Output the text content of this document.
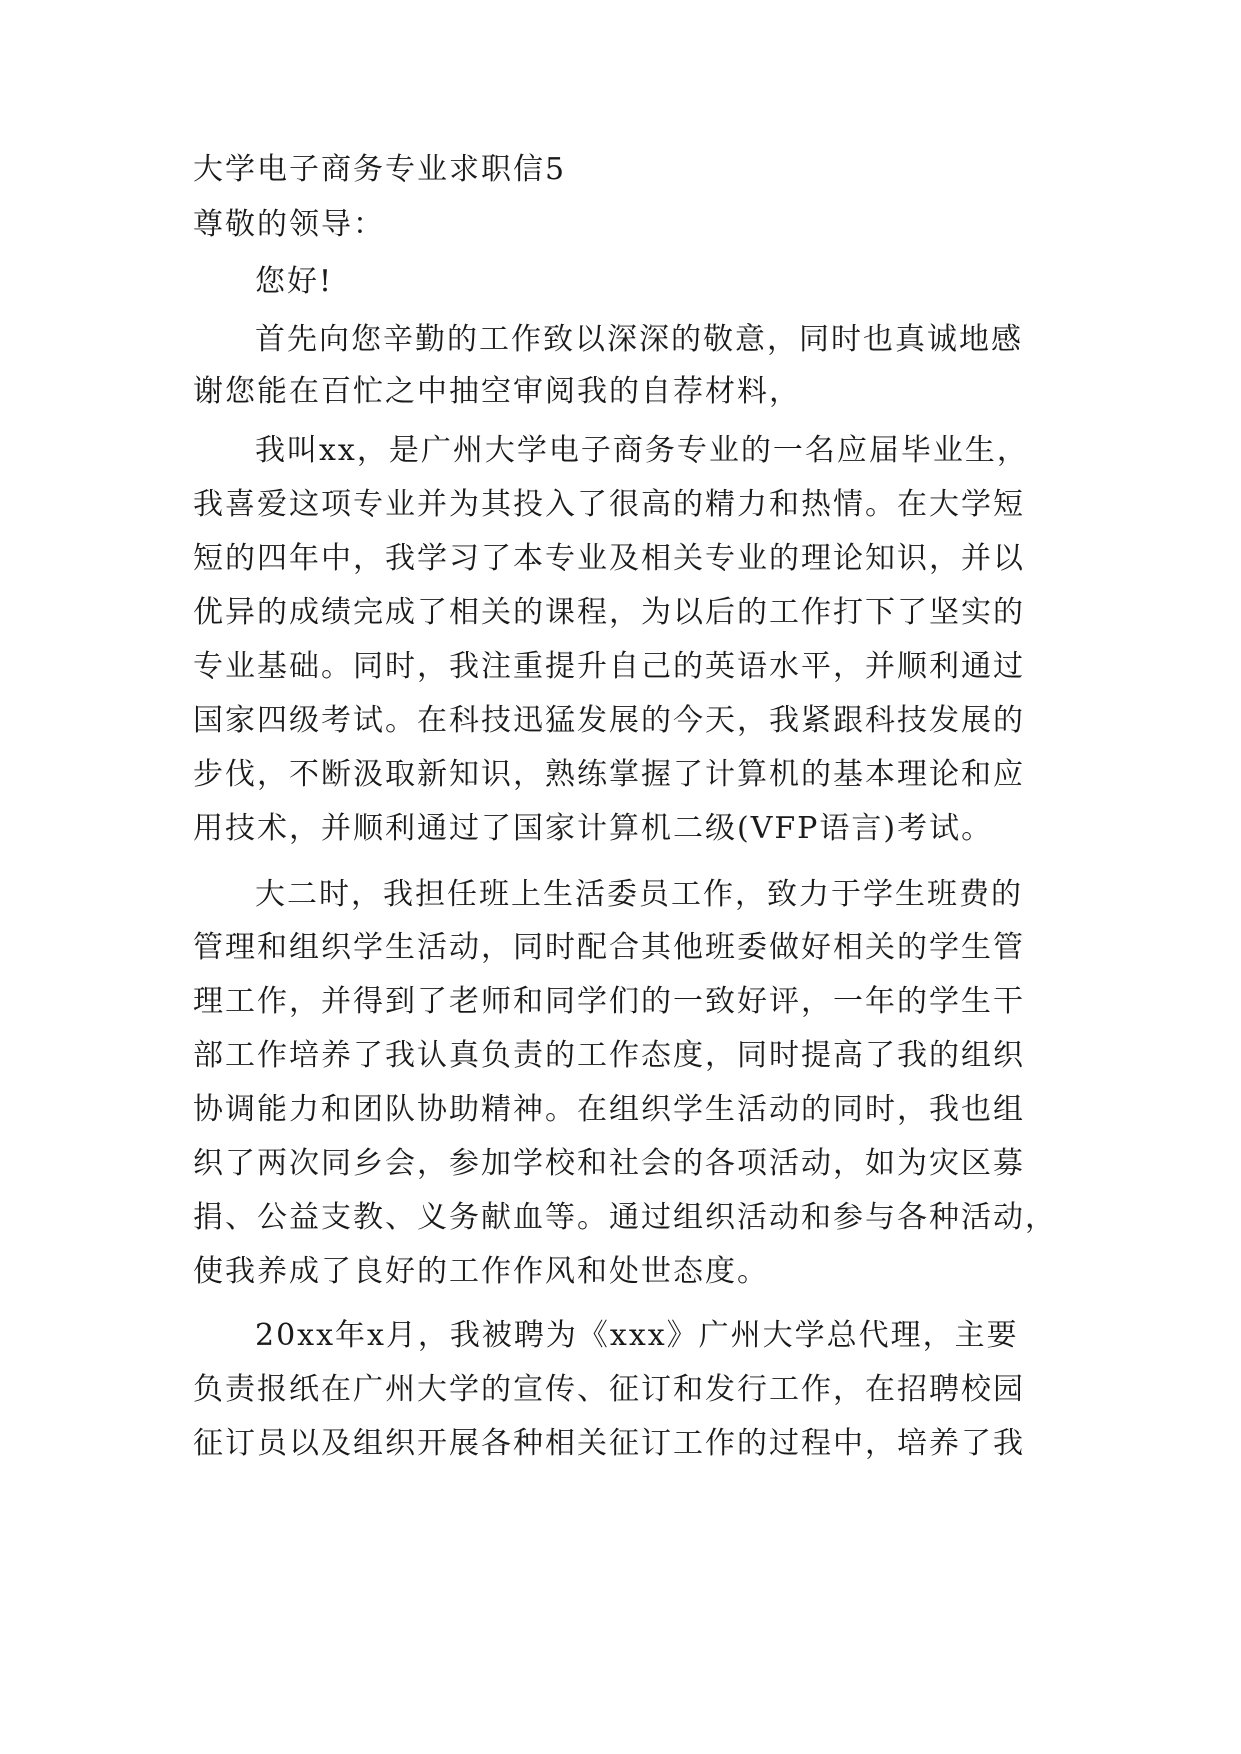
大学电子商务专业求职信5
尊敬的领导：
您好!
首先向您辛勤的工作致以深深的敬意，同时也真诚地感
谢您能在百忙之中抽空审阅我的自荐材料，
我叫xx，是广州大学电子商务专业的一名应届毕业生，
我喜爱这项专业并为其投入了很高的精力和热情。在大学短
短的四年中，我学习了本专业及相关专业的理论知识，并以
优异的成绩完成了相关的课程，为以后的工作打下了坚实的
专业基础。同时，我注重提升自己的英语水平，并顺利通过
国家四级考试。在科技迅猛发展的今天，我紧跟科技发展的
步伐，不断汲取新知识，熟练掌握了计算机的基本理论和应
用技术，并顺利通过了国家计算机二级(VFP语言)考试。
大二时，我担任班上生活委员工作，致力于学生班费的
管理和组织学生活动，同时配合其他班委做好相关的学生管
理工作，并得到了老师和同学们的一致好评，一年的学生干
部工作培养了我认真负责的工作态度，同时提高了我的组织
协调能力和团队协助精神。在组织学生活动的同时，我也组
织了两次同乡会，参加学校和社会的各项活动，如为灾区募
捐、公益支教、义务献血等。通过组织活动和参与各种活动，
使我养成了良好的工作作风和处世态度。
20xx年x月，我被聘为《xxx》广州大学总代理，主要
负责报纸在广州大学的宣传、征订和发行工作，在招聘校园
征订员以及组织开展各种相关征订工作的过程中，培养了我
